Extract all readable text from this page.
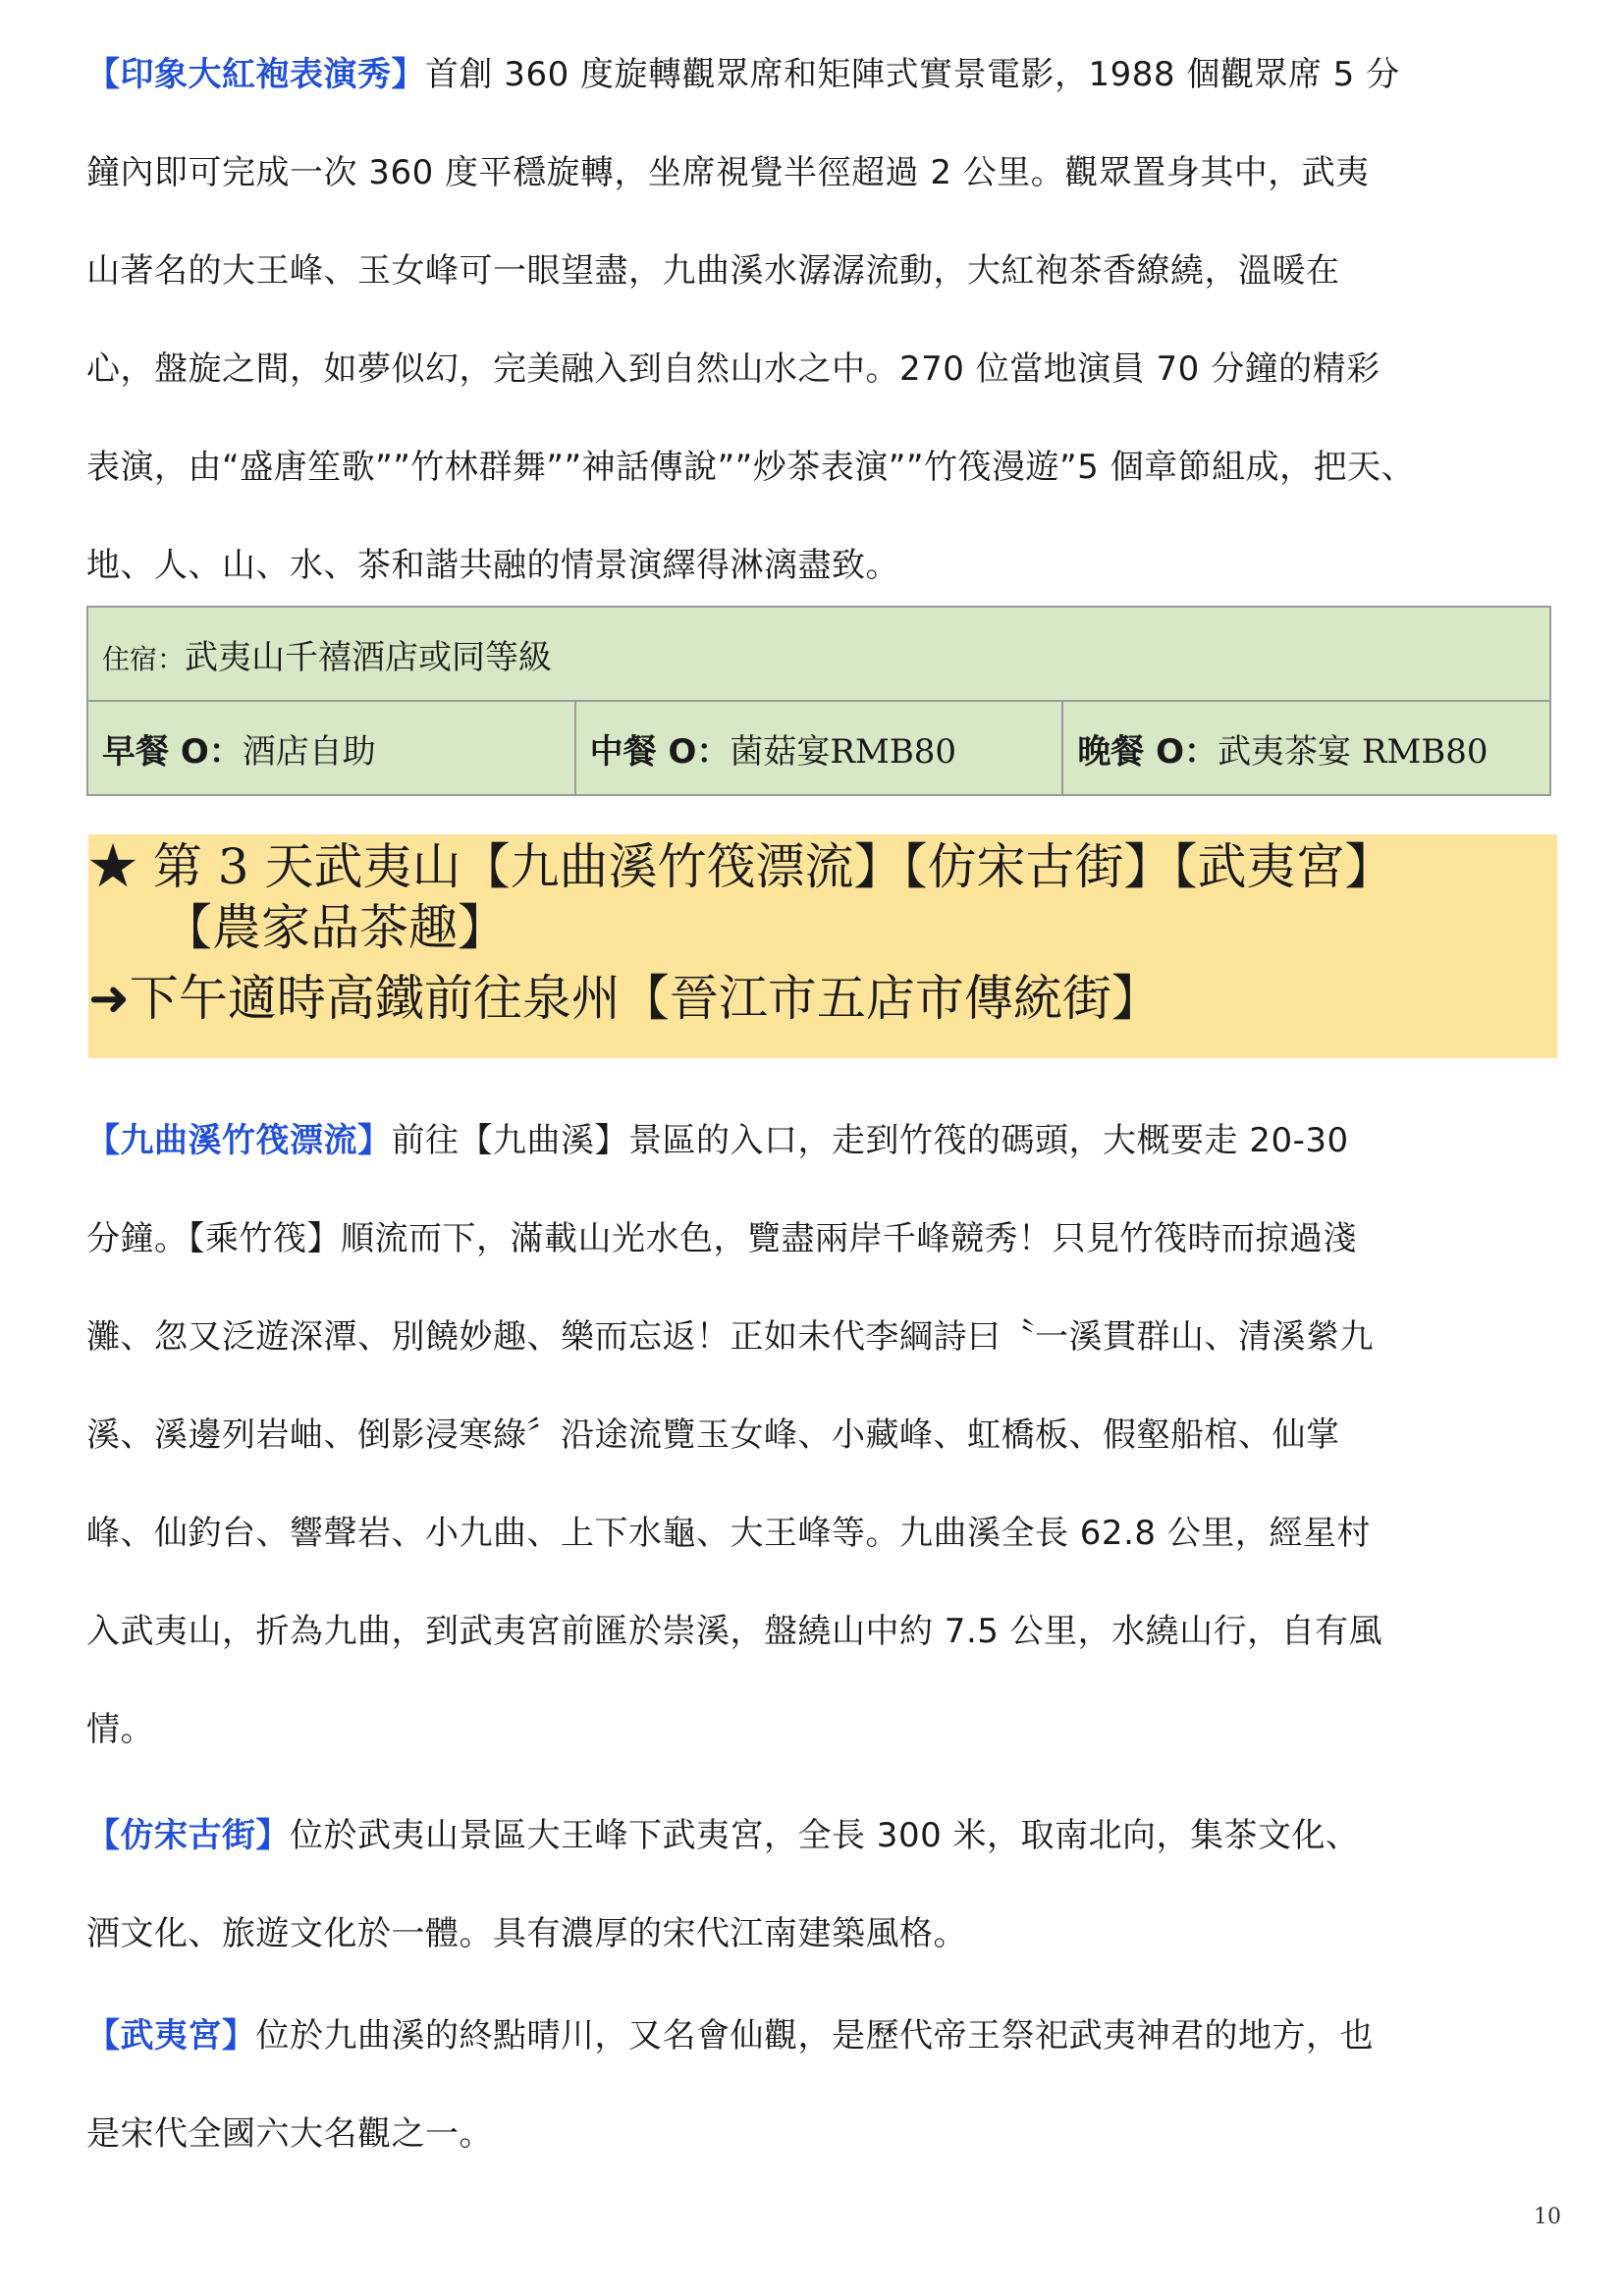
【印象大紅袍表演秀】首創 360 度旋轉觀眾席和矩陣式實景電影，1988 個觀眾席 5 分
鐘內即可完成一次 360 度平穩旋轉，坐席視覺半徑超過 2 公里。觀眾置身其中，武夷
山著名的大王峰、玉女峰可一眼望盡，九曲溪水潺潺流動，大紅袍茶香繚繞，溫暖在
心，盤旋之間，如夢似幻，完美融入到自然山水之中。270 位當地演員 70 分鐘的精彩
表演，由“盛唐笙歌””竹林群舞””神話傳說””炒茶表演””竹筏漫遊”5 個章節組成，把天、
地、人、山、水、茶和諧共融的情景演繹得淋漓盡致。
住宿：武夷山千禧酒店或同等級
早餐 O：酒店自助	中餐 O：菌菇宴RMB80	晚餐 O：武夷茶宴 RMB80
★ 第 3 天武夷山【九曲溪竹筏漂流】【仿宋古街】【武夷宮】
【農家品茶趣】
➜下午適時高鐵前往泉州【晉江市五店市傳統街】
【九曲溪竹筏漂流】前往【九曲溪】景區的入口，走到竹筏的碼頭，大概要走 20-30
分鐘。【乘竹筏】順流而下，滿載山光水色，覽盡兩岸千峰競秀！只見竹筏時而掠過淺
灘、忽又泛遊深潭、別饒妙趣、樂而忘返！正如未代李綱詩曰〝一溪貫群山、清溪縈九
溪、溪邊列岩岫、倒影浸寒綠〞沿途流覽玉女峰、小藏峰、虹橋板、假壑船棺、仙掌
峰、仙釣台、響聲岩、小九曲、上下水龜、大王峰等。九曲溪全長 62.8 公里，經星村
入武夷山，折為九曲，到武夷宮前匯於崇溪，盤繞山中約 7.5 公里，水繞山行，自有風
情。
【仿宋古街】位於武夷山景區大王峰下武夷宮，全長 300 米，取南北向，集茶文化、
酒文化、旅遊文化於一體。具有濃厚的宋代江南建築風格。
【武夷宮】位於九曲溪的終點晴川，又名會仙觀，是歷代帝王祭祀武夷神君的地方，也
是宋代全國六大名觀之一。
10
